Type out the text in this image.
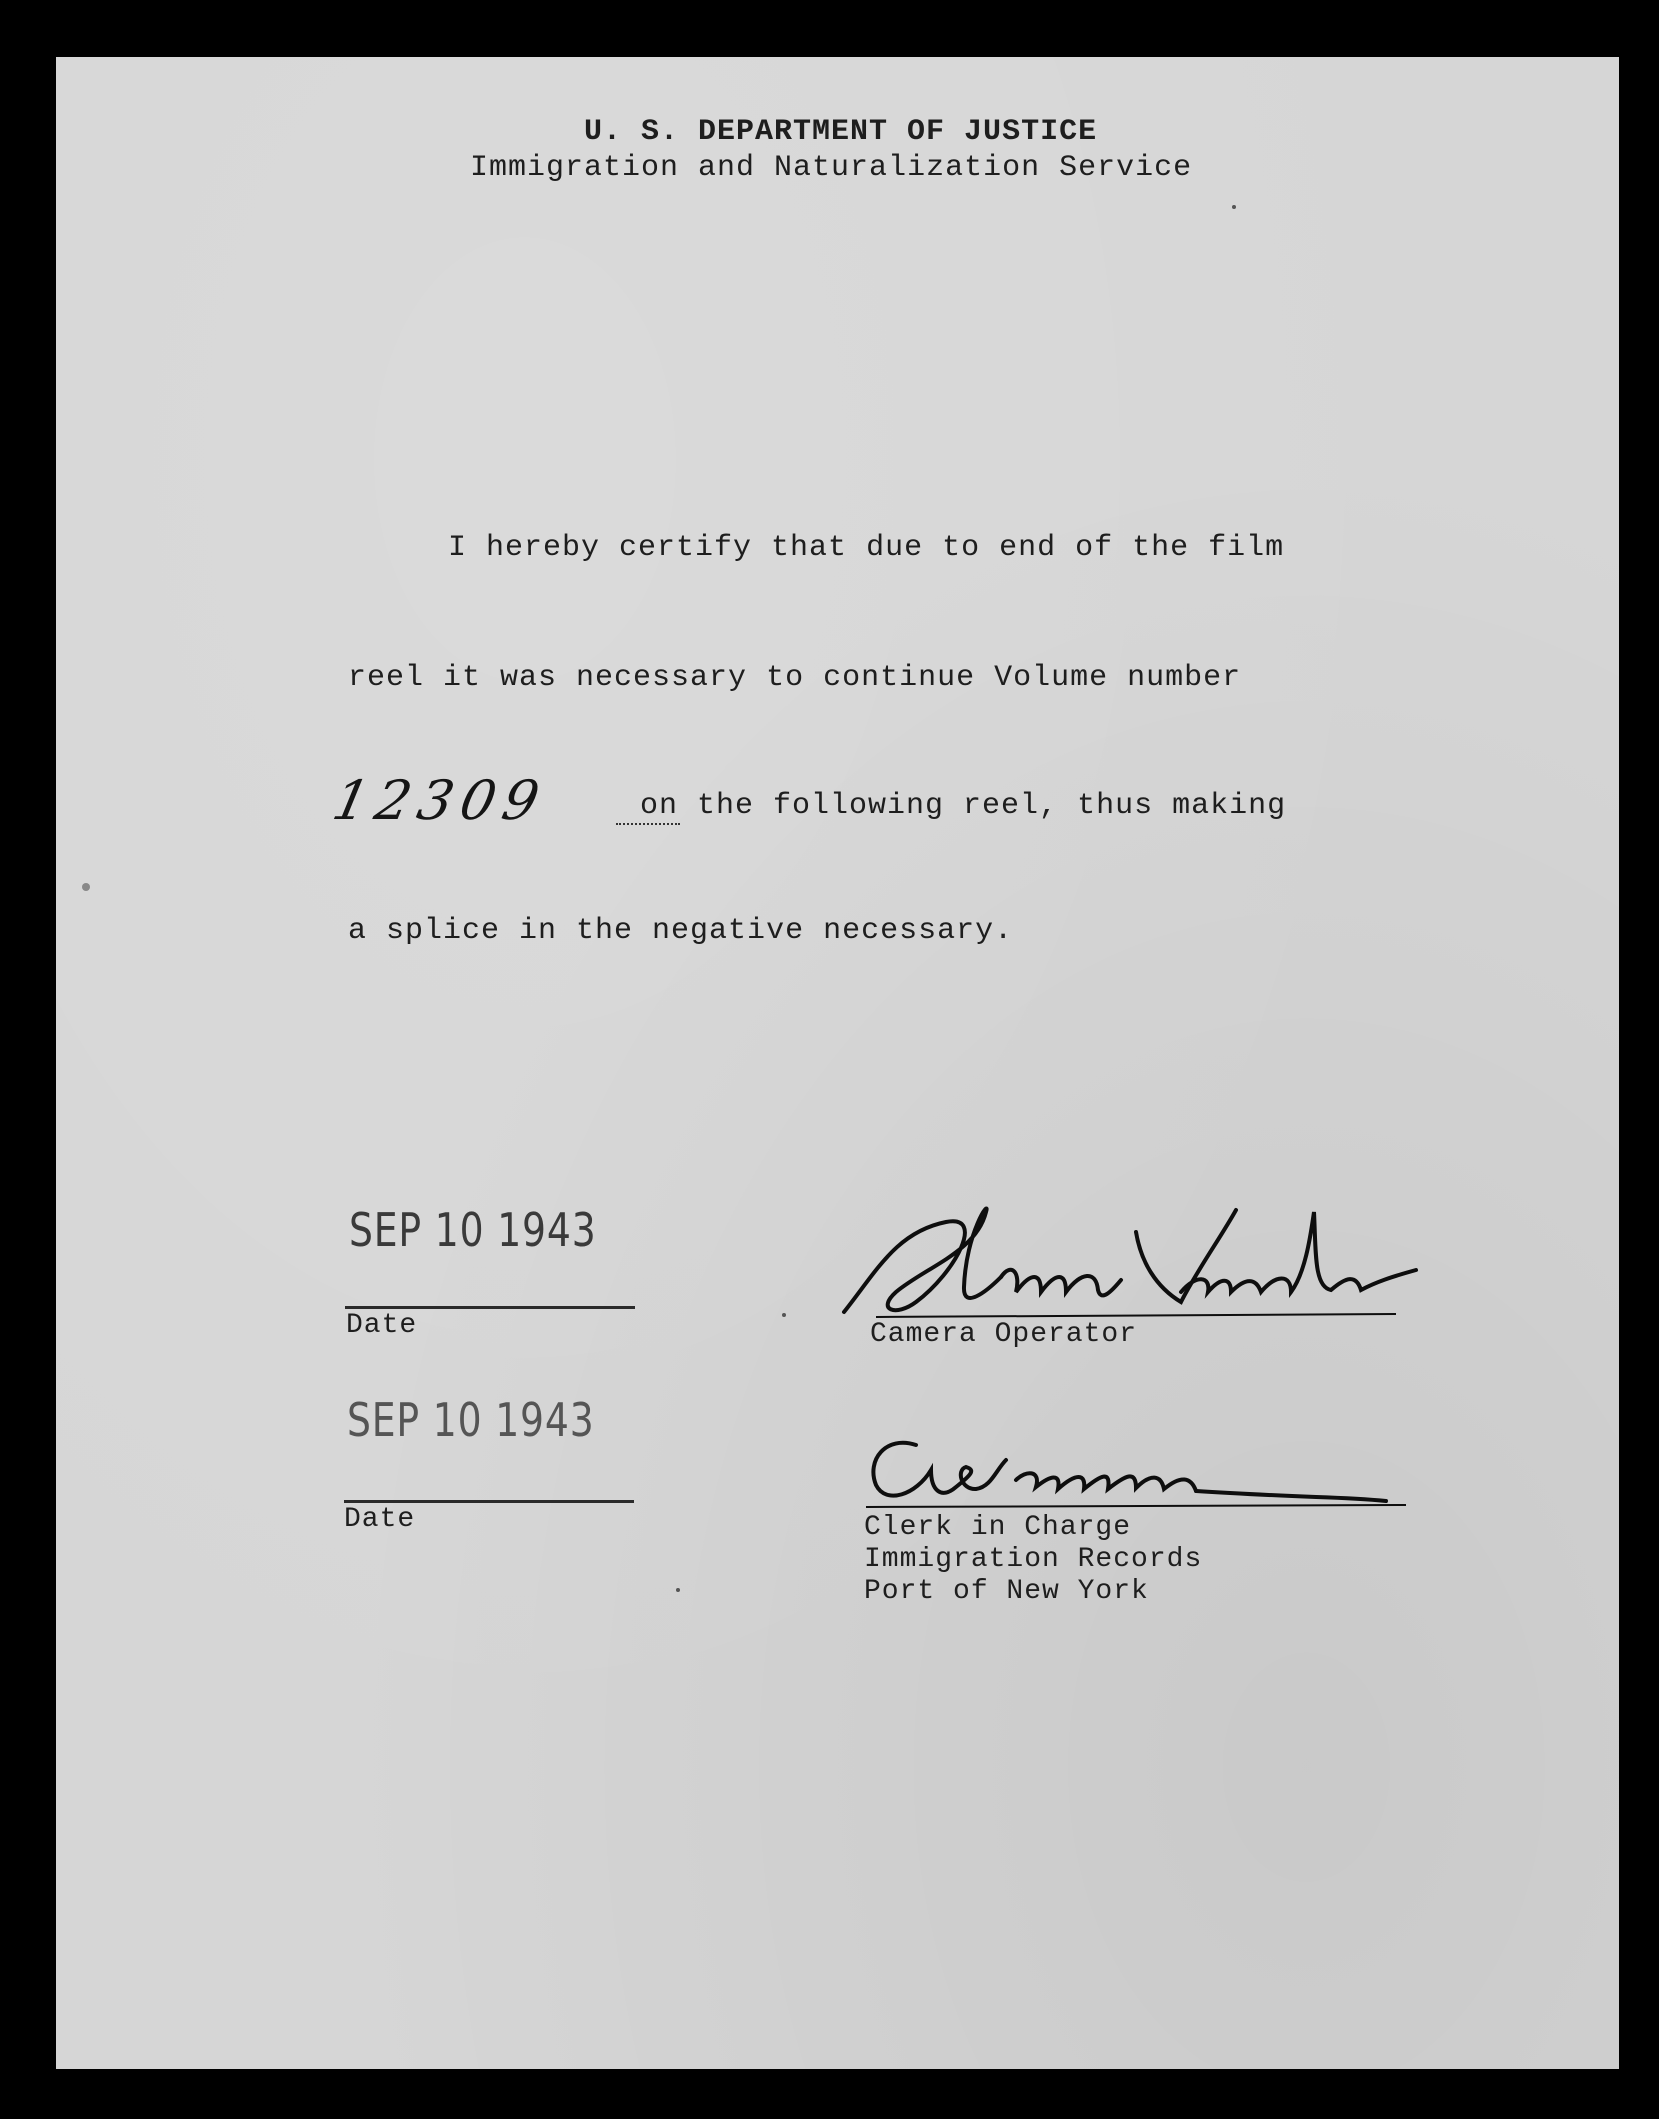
U. S. DEPARTMENT OF JUSTICE
Immigration and Naturalization Service
I hereby certify that due to end of the film
reel it was necessary to continue Volume number
12309	on the following reel, thus making
a splice in the negative necessary.
SEP 10 1943
Date	Camera Operator
SEP 10 1943
Date	Clerk in Charge
Immigration Records
Port of New York
